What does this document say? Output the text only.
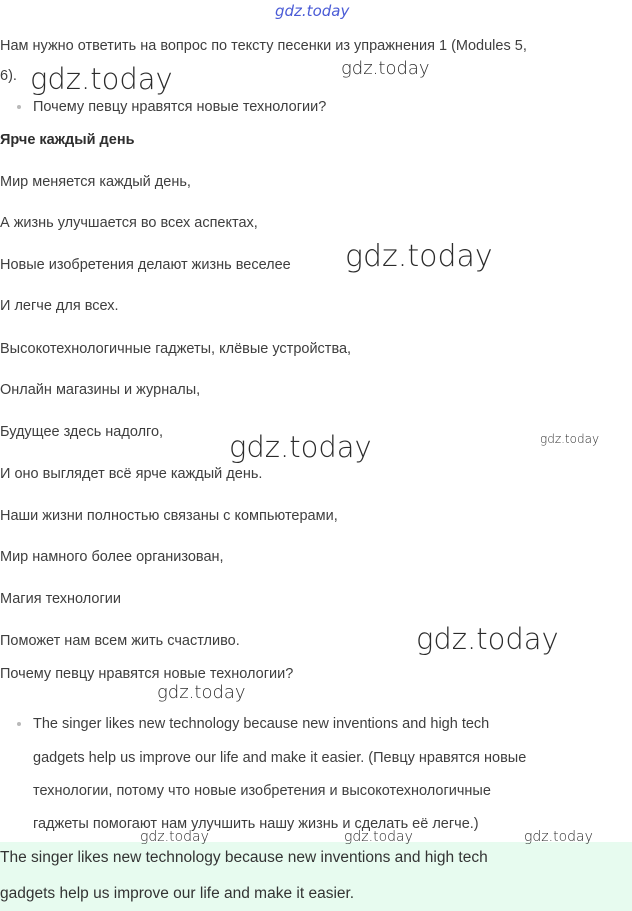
gdz.today
Нам нужно ответить на вопрос по тексту песенки из упражнения 1 (Modules 5,
6).
Почему певцу нравятся новые технологии?
Ярче каждый день
Мир меняется каждый день,
А жизнь улучшается во всех аспектах,
Новые изобретения делают жизнь веселее
И легче для всех.
Высокотехнологичные гаджеты, клёвые устройства,
Онлайн магазины и журналы,
Будущее здесь надолго,
И оно выглядет всё ярче каждый день.
Наши жизни полностью связаны с компьютерами,
Мир намного более организован,
Магия технологии
Поможет нам всем жить счастливо.
Почему певцу нравятся новые технологии?
The singer likes new technology because new inventions and high tech
gadgets help us improve our life and make it easier. (Певцу нравятся новые
технологии, потому что новые изобретения и высокотехнологичные
гаджеты помогают нам улучшить нашу жизнь и сделать её легче.)
The singer likes new technology because new inventions and high tech
gadgets help us improve our life and make it easier.
gdz.today	gdz.today
gdz.today
gdz.today	gdz.today
gdz.today
gdz.today
gdz.today	gdz.today	gdz.today
